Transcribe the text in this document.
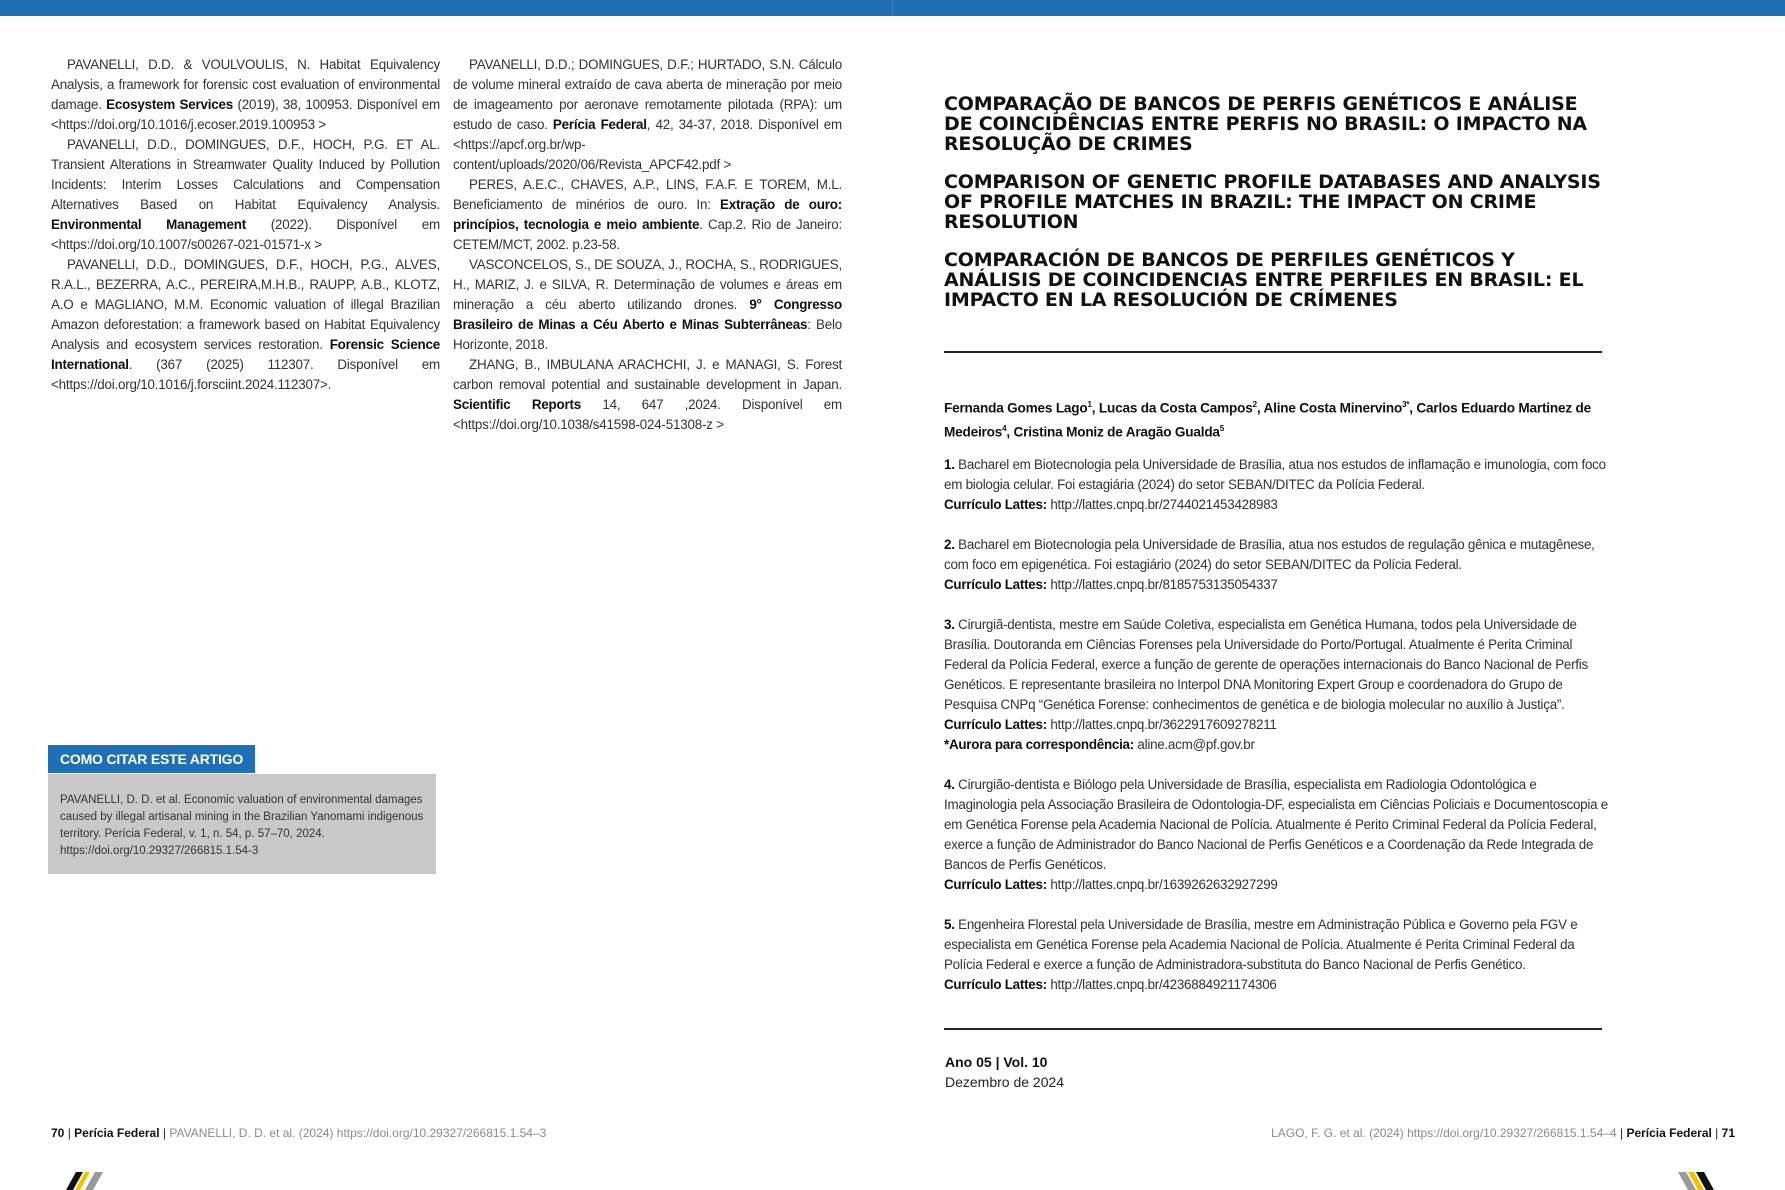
PAVANELLI, D.D. & VOULVOULIS, N. Habitat Equivalency Analysis, a framework for forensic cost evaluation of environmental damage. Ecosystem Services (2019), 38, 100953. Disponível em <https://doi.org/10.1016/j.ecoser.2019.100953 >

PAVANELLI, D.D., DOMINGUES, D.F., HOCH, P.G. ET AL. Transient Alterations in Streamwater Quality Induced by Pollution Incidents: Interim Losses Calculations and Compensation Alternatives Based on Habitat Equivalency Analysis. Environmental Management (2022). Disponível em <https://doi.org/10.1007/s00267-021-01571-x >

PAVANELLI, D.D., DOMINGUES, D.F., HOCH, P.G., ALVES, R.A.L., BEZERRA, A.C., PEREIRA,M.H.B., RAUPP, A.B., KLOTZ, A.O e MAGLIANO, M.M. Economic valuation of illegal Brazilian Amazon deforestation: a framework based on Habitat Equivalency Analysis and ecosystem services restoration. Forensic Science International. (367 (2025) 112307. Disponível em <https://doi.org/10.1016/j.forsciint.2024.112307>.

PAVANELLI, D.D.; DOMINGUES, D.F.; HURTADO, S.N. Cálculo de volume mineral extraído de cava aberta de mineração por meio de imageamento por aeronave remotamente pilotada (RPA): um estudo de caso. Perícia Federal, 42, 34-37, 2018. Disponível em <https://apcf.org.br/wp-content/uploads/2020/06/Revista_APCF42.pdf >

PERES, A.E.C., CHAVES, A.P., LINS, F.A.F. E TOREM, M.L. Beneficiamento de minérios de ouro. In: Extração de ouro: princípios, tecnologia e meio ambiente. Cap.2. Rio de Janeiro: CETEM/MCT, 2002. p.23-58.

VASCONCELOS, S., DE SOUZA, J., ROCHA, S., RODRIGUES, H., MARIZ, J. e SILVA, R. Determinação de volumes e áreas em mineração a céu aberto utilizando drones. 9° Congresso Brasileiro de Minas a Céu Aberto e Minas Subterrâneas: Belo Horizonte, 2018.

ZHANG, B., IMBULANA ARACHCHI, J. e MANAGI, S. Forest carbon removal potential and sustainable development in Japan. Scientific Reports 14, 647 ,2024. Disponível em <https://doi.org/10.1038/s41598-024-51308-z >

COMO CITAR ESTE ARTIGO
PAVANELLI, D. D. et al. Economic valuation of environmental damages caused by illegal artisanal mining in the Brazilian Yanomami indigenous territory. Perícia Federal, v. 1, n. 54, p. 57–70, 2024. https://doi.org/10.29327/266815.1.54-3
70 | Perícia Federal | PAVANELLI, D. D. et al. (2024) https://doi.org/10.29327/266815.1.54–3
COMPARAÇÃO DE BANCOS DE PERFIS GENÉTICOS E ANÁLISE DE COINCIDÊNCIAS ENTRE PERFIS NO BRASIL: O IMPACTO NA RESOLUÇÃO DE CRIMES
COMPARISON OF GENETIC PROFILE DATABASES AND ANALYSIS OF PROFILE MATCHES IN BRAZIL: THE IMPACT ON CRIME RESOLUTION
COMPARACIÓN DE BANCOS DE PERFILES GENÉTICOS Y ANÁLISIS DE COINCIDENCIAS ENTRE PERFILES EN BRASIL: EL IMPACTO EN LA RESOLUCIÓN DE CRÍMENES
Fernanda Gomes Lago$^1$, Lucas da Costa Campos$^2$, Aline Costa Minervino$^{3*}$, Carlos Eduardo Martinez de Medeiros$^4$, Cristina Moniz de Aragão Gualda$^5$
1. Bacharel em Biotecnologia pela Universidade de Brasília, atua nos estudos de inflamação e imunologia, com foco em biologia celular. Foi estagiária (2024) do setor SEBAN/DITEC da Polícia Federal.
Currículo Lattes: http://lattes.cnpq.br/2744021453428983
2. Bacharel em Biotecnologia pela Universidade de Brasília, atua nos estudos de regulação gênica e mutagênese, com foco em epigenética. Foi estagiário (2024) do setor SEBAN/DITEC da Polícia Federal.
Currículo Lattes: http://lattes.cnpq.br/8185753135054337
3. Cirurgiã-dentista, mestre em Saúde Coletiva, especialista em Genética Humana, todos pela Universidade de Brasília. Doutoranda em Ciências Forenses pela Universidade do Porto/Portugal. Atualmente é Perita Criminal Federal da Polícia Federal, exerce a função de gerente de operações internacionais do Banco Nacional de Perfis Genéticos. E representante brasileira no Interpol DNA Monitoring Expert Group e coordenadora do Grupo de Pesquisa CNPq “Genética Forense: conhecimentos de genética e de biologia molecular no auxílio à Justiça”.
Currículo Lattes: http://lattes.cnpq.br/3622917609278211
*Aurora para correspondência: aline.acm@pf.gov.br
4. Cirurgião-dentista e Biólogo pela Universidade de Brasília, especialista em Radiologia Odontológica e Imaginologia pela Associação Brasileira de Odontologia-DF, especialista em Ciências Policiais e Documentoscopia e em Genética Forense pela Academia Nacional de Polícia. Atualmente é Perito Criminal Federal da Polícia Federal, exerce a função de Administrador do Banco Nacional de Perfis Genéticos e a Coordenação da Rede Integrada de Bancos de Perfis Genéticos.
Currículo Lattes: http://lattes.cnpq.br/1639262632927299
5. Engenheira Florestal pela Universidade de Brasília, mestre em Administração Pública e Governo pela FGV e especialista em Genética Forense pela Academia Nacional de Polícia. Atualmente é Perita Criminal Federal da Polícia Federal e exerce a função de Administradora-substituta do Banco Nacional de Perfis Genético.
Currículo Lattes: http://lattes.cnpq.br/4236884921174306
Ano 05 | Vol. 10
Dezembro de 2024
LAGO, F. G. et al. (2024) https://doi.org/10.29327/266815.1.54–4 | Perícia Federal | 71
